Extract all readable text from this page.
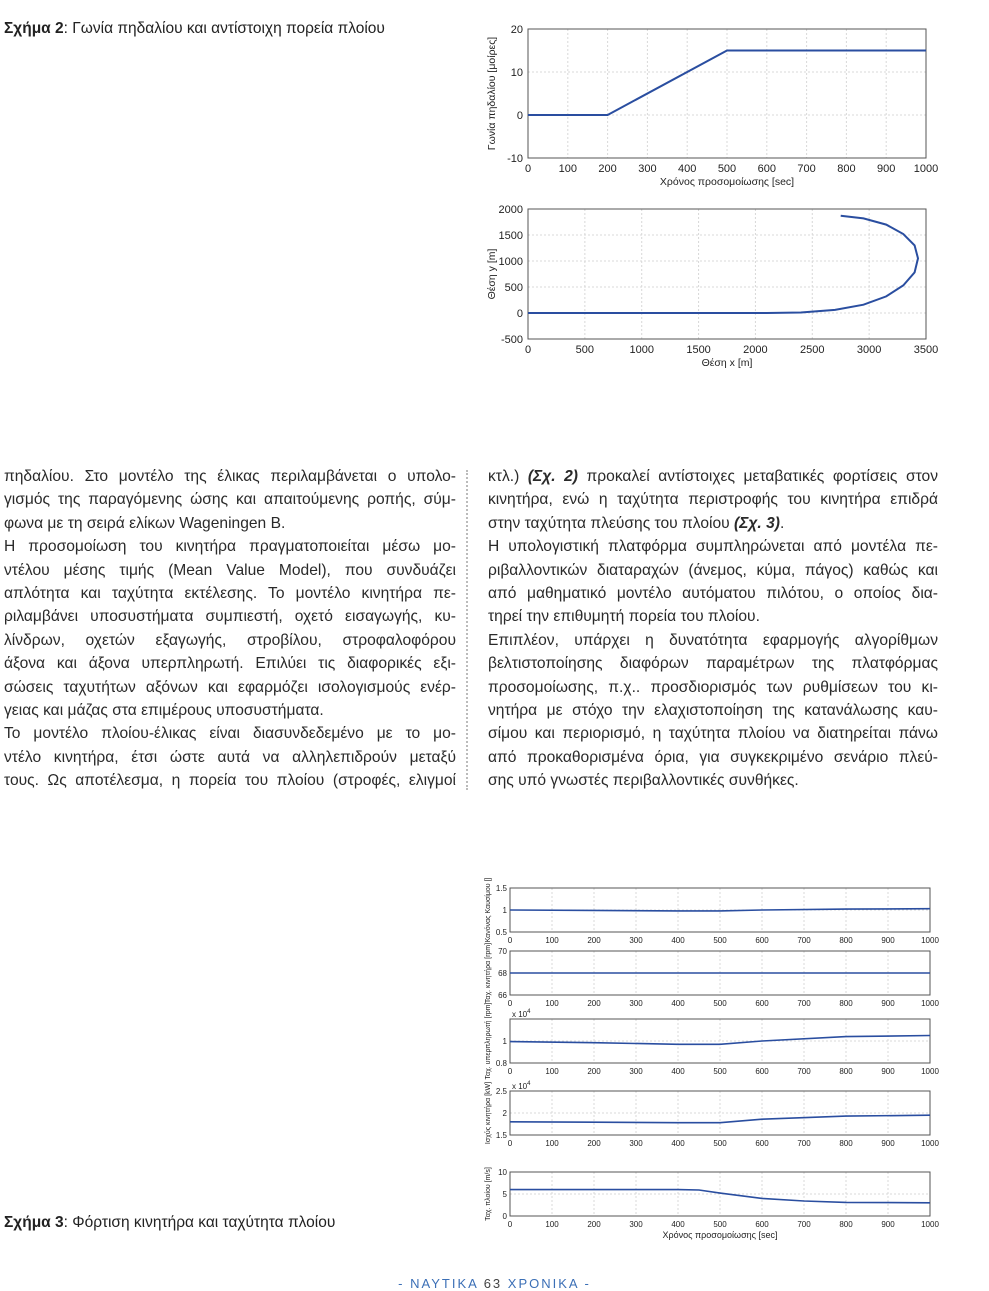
Σχήμα 2: Γωνία πηδαλίου και αντίστοιχη πορεία πλοίου
0	100 200 300 400 500 600 700 800 900 1000
20
10
0
-10
Χρόνος προσομοίωσης [sec]
Γωνία πηδαλίου [μοίρες]
0	500	1000	1500	2000	2500	3000	3500
2000
1500
1000
500
0
-500
Θέση x [m]
Θέση y [m]

πηδαλίου. Στο μοντέλο της έλικας περιλαμβάνεται ο υπολο-
γισμός της παραγόμενης ώσης και απαιτούμενης ροπής, σύμ-
φωνα με τη σειρά ελίκων Wageningen B.

Η προσομοίωση του κινητήρα πραγματοποιείται μέσω μο-
ντέλου μέσης τιμής (Mean Value Model), που συνδυάζει
απλότητα και ταχύτητα εκτέλεσης. Το μοντέλο κινητήρα πε-
ριλαμβάνει υποσυστήματα συμπιεστή, οχετό εισαγωγής, κυ-
λίνδρων, οχετών εξαγωγής, στροβίλου, στροφαλοφόρου
άξονα και άξονα υπερπληρωτή. Επιλύει τις διαφορικές εξι-
σώσεις ταχυτήτων αξόνων και εφαρμόζει ισολογισμούς ενέρ-
γειας και μάζας στα επιμέρους υποσυστήματα.

Το μοντέλο πλοίου-έλικας είναι διασυνδεδεμένο με το μο-
ντέλο κινητήρα, έτσι ώστε αυτά να αλληλεπιδρούν μεταξύ
τους. Ως αποτέλεσμα, η πορεία του πλοίου (στροφές, ελιγμοί

κτλ.) (Σχ. 2) προκαλεί αντίστοιχες μεταβατικές φορτίσεις στον
κινητήρα, ενώ η ταχύτητα περιστροφής του κινητήρα επιδρά
στην ταχύτητα πλεύσης του πλοίου (Σχ. 3).

Η υπολογιστική πλατφόρμα συμπληρώνεται από μοντέλα πε-
ριβαλλοντικών διαταραχών (άνεμος, κύμα, πάγος) καθώς και
από μαθηματικό μοντέλο αυτόματου πιλότου, ο οποίος δια-
τηρεί την επιθυμητή πορεία του πλοίου.

Επιπλέον, υπάρχει η δυνατότητα εφαρμογής αλγορίθμων
βελτιστοποίησης διαφόρων παραμέτρων της πλατφόρμας
προσομοίωσης, π.χ.. προσδιορισμός των ρυθμίσεων του κι-
νητήρα με στόχο την ελαχιστοποίηση της κατανάλωσης καυ-
σίμου και περιορισμό, η ταχύτητα πλοίου να διατηρείται πάνω
από προκαθορισμένα όρια, για συγκεκριμένο σενάριο πλεύ-
σης υπό γνωστές περιβαλλοντικές συνθήκες.

1.5
1
0.5
0	100	200	300	400	500	600	700	800	900	1000
Κανόνας Καυσίμου []
70
68
66
0	100	200	300	400	500	600	700	800	900	1000
Ταχ. κινητήρα [rpm]
1
0.8
0	100	200	300	400	500	600	700	800	900	1000
x $10^4$
Ταχ. υπερπληρωτή [rpm]
2.5
2
1.5
0	100	200	300	400	500	600	700	800	900	1000
x $10^4$
Ισχύς κινητήρα [kW]
10
5
0
0	100	200	300	400	500	600	700	800	900	1000
Ταχ. πλοίου [m/s]
Χρόνος προσομοίωσης [sec]
Σχήμα 3: Φόρτιση κινητήρα και ταχύτητα πλοίου
- ΝΑΥΤΙΚΑ 63 ΧΡΟΝΙΚΑ -
